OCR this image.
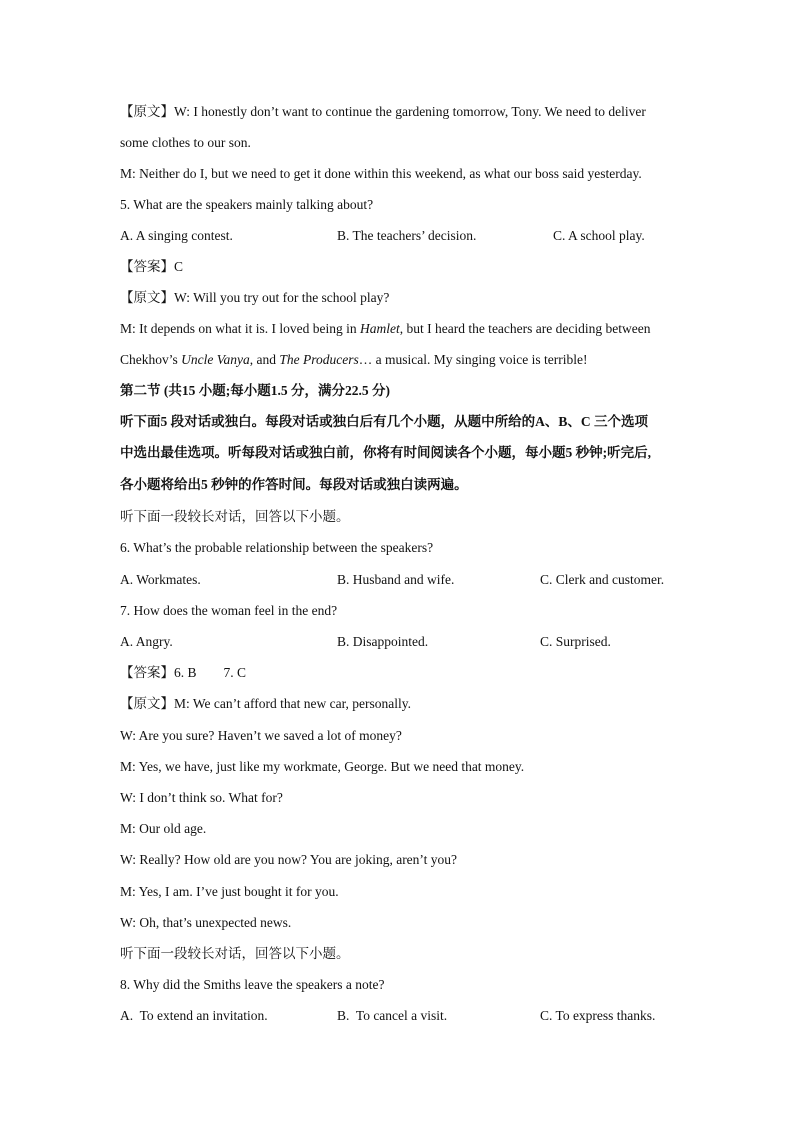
【原文】W: I honestly don’t want to continue the gardening tomorrow, Tony. We need to deliver
some clothes to our son.
M: Neither do I, but we need to get it done within this weekend, as what our boss said yesterday.
5. What are the speakers mainly talking about?
A. A singing contest.	B. The teachers’ decision.	C. A school play.
【答案】C
【原文】W: Will you try out for the school play?
M: It depends on what it is. I loved being in Hamlet, but I heard the teachers are deciding between
Chekhov’s Uncle Vanya, and The Producers… a musical. My singing voice is terrible!
第二节 (共15 小题;每小题1.5 分，满分22.5 分)
听下面5 段对话或独白。每段对话或独白后有几个小题，从题中所给的A、B、C 三个选项
中选出最佳选项。听每段对话或独白前，你将有时间阅读各个小题，每小题5 秒钟;听完后,
各小题将给出5 秒钟的作答时间。每段对话或独白读两遍。
听下面一段较长对话，回答以下小题。
6. What’s the probable relationship between the speakers?
A. Workmates.	B. Husband and wife.	C. Clerk and customer.
7. How does the woman feel in the end?
A. Angry.	B. Disappointed.	C. Surprised.
【答案】6. B        7. C
【原文】M: We can’t afford that new car, personally.
W: Are you sure? Haven’t we saved a lot of money?
M: Yes, we have, just like my workmate, George. But we need that money.
W: I don’t think so. What for?
M: Our old age.
W: Really? How old are you now? You are joking, aren’t you?
M: Yes, I am. I’ve just bought it for you.
W: Oh, that’s unexpected news.
听下面一段较长对话，回答以下小题。
8. Why did the Smiths leave the speakers a note?
A.  To extend an invitation.	B.  To cancel a visit.	C. To express thanks.
